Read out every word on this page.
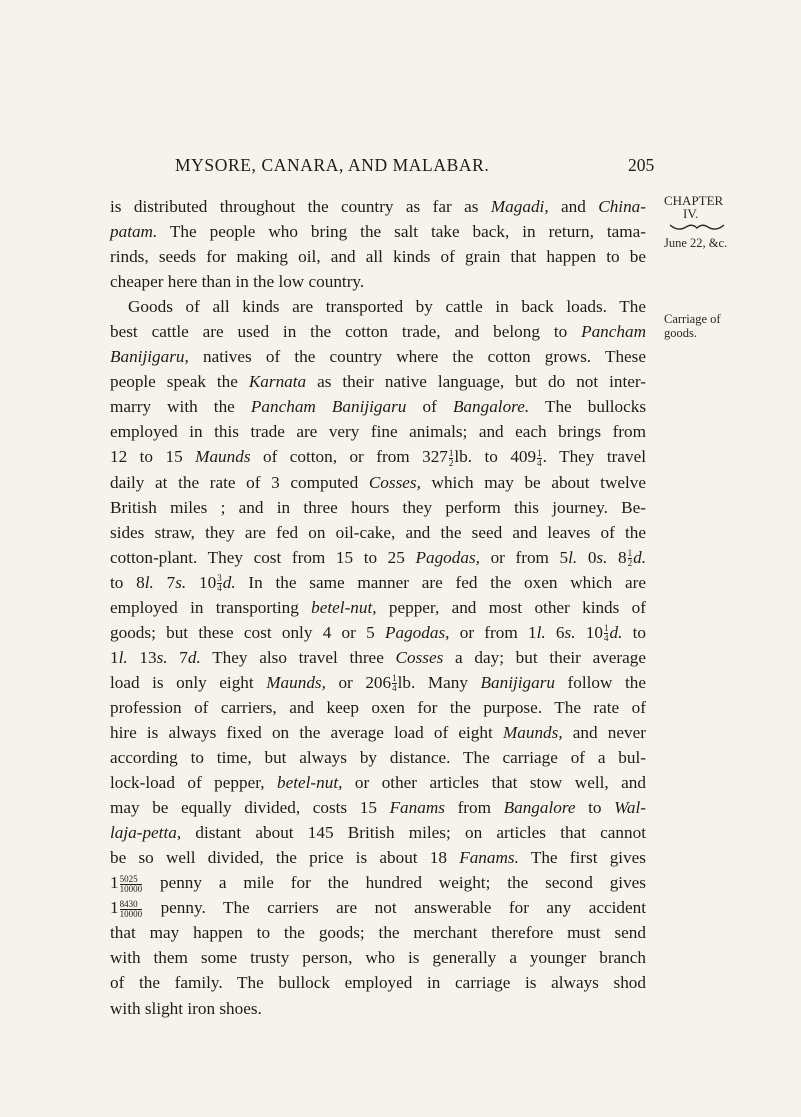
MYSORE, CANARA, AND MALABAR.	205
CHAPTER
IV.
June 22, &c.
Carriage of goods.
is distributed throughout the country as far as Magadi, and China-
patam. The people who bring the salt take back, in return, tama-
rinds, seeds for making oil, and all kinds of grain that happen to be
cheaper here than in the low country.
Goods of all kinds are transported by cattle in back loads. The
best cattle are used in the cotton trade, and belong to Pancham
Banijigaru, natives of the country where the cotton grows. These
people speak the Karnata as their native language, but do not inter-
marry with the Pancham Banijigaru of Bangalore. The bullocks
employed in this trade are very fine animals; and each brings from
12 to 15 Maunds of cotton, or from $327 \frac{1}{2}$ lb. to $409 \frac{1}{4}$ . They travel
daily at the rate of 3 computed Cosses, which may be about twelve
British miles ; and in three hours they perform this journey. Be-
sides straw, they are fed on oil-cake, and the seed and leaves of the
cotton-plant. They cost from 15 to 25 Pagodas, or from 5l. 0s. $8 \frac{1}{2} d$.
to 8l. 7s. $10 \frac{3}{4} d$. In the same manner are fed the oxen which are
employed in transporting betel-nut, pepper, and most other kinds of
goods; but these cost only 4 or 5 Pagodas, or from 1l. 6s. $10 \frac{1}{4} d$. to
1l. 13s. 7d. They also travel three Cosses a day; but their average
load is only eight Maunds, or $206 \frac{1}{4}$ lb. Many Banijigaru follow the
profession of carriers, and keep oxen for the purpose. The rate of
hire is always fixed on the average load of eight Maunds, and never
according to time, but always by distance. The carriage of a bul-
lock-load of pepper, betel-nut, or other articles that stow well, and
may be equally divided, costs 15 Fanams from Bangalore to Wal-
laja-petta, distant about 145 British miles; on articles that cannot
be so well divided, the price is about 18 Fanams. The first gives
$1 \frac{5025}{10000}$ penny a mile for the hundred weight; the second gives
$1 \frac{8430}{10000}$ penny. The carriers are not answerable for any accident
that may happen to the goods; the merchant therefore must send
with them some trusty person, who is generally a younger branch
of the family. The bullock employed in carriage is always shod
with slight iron shoes.
